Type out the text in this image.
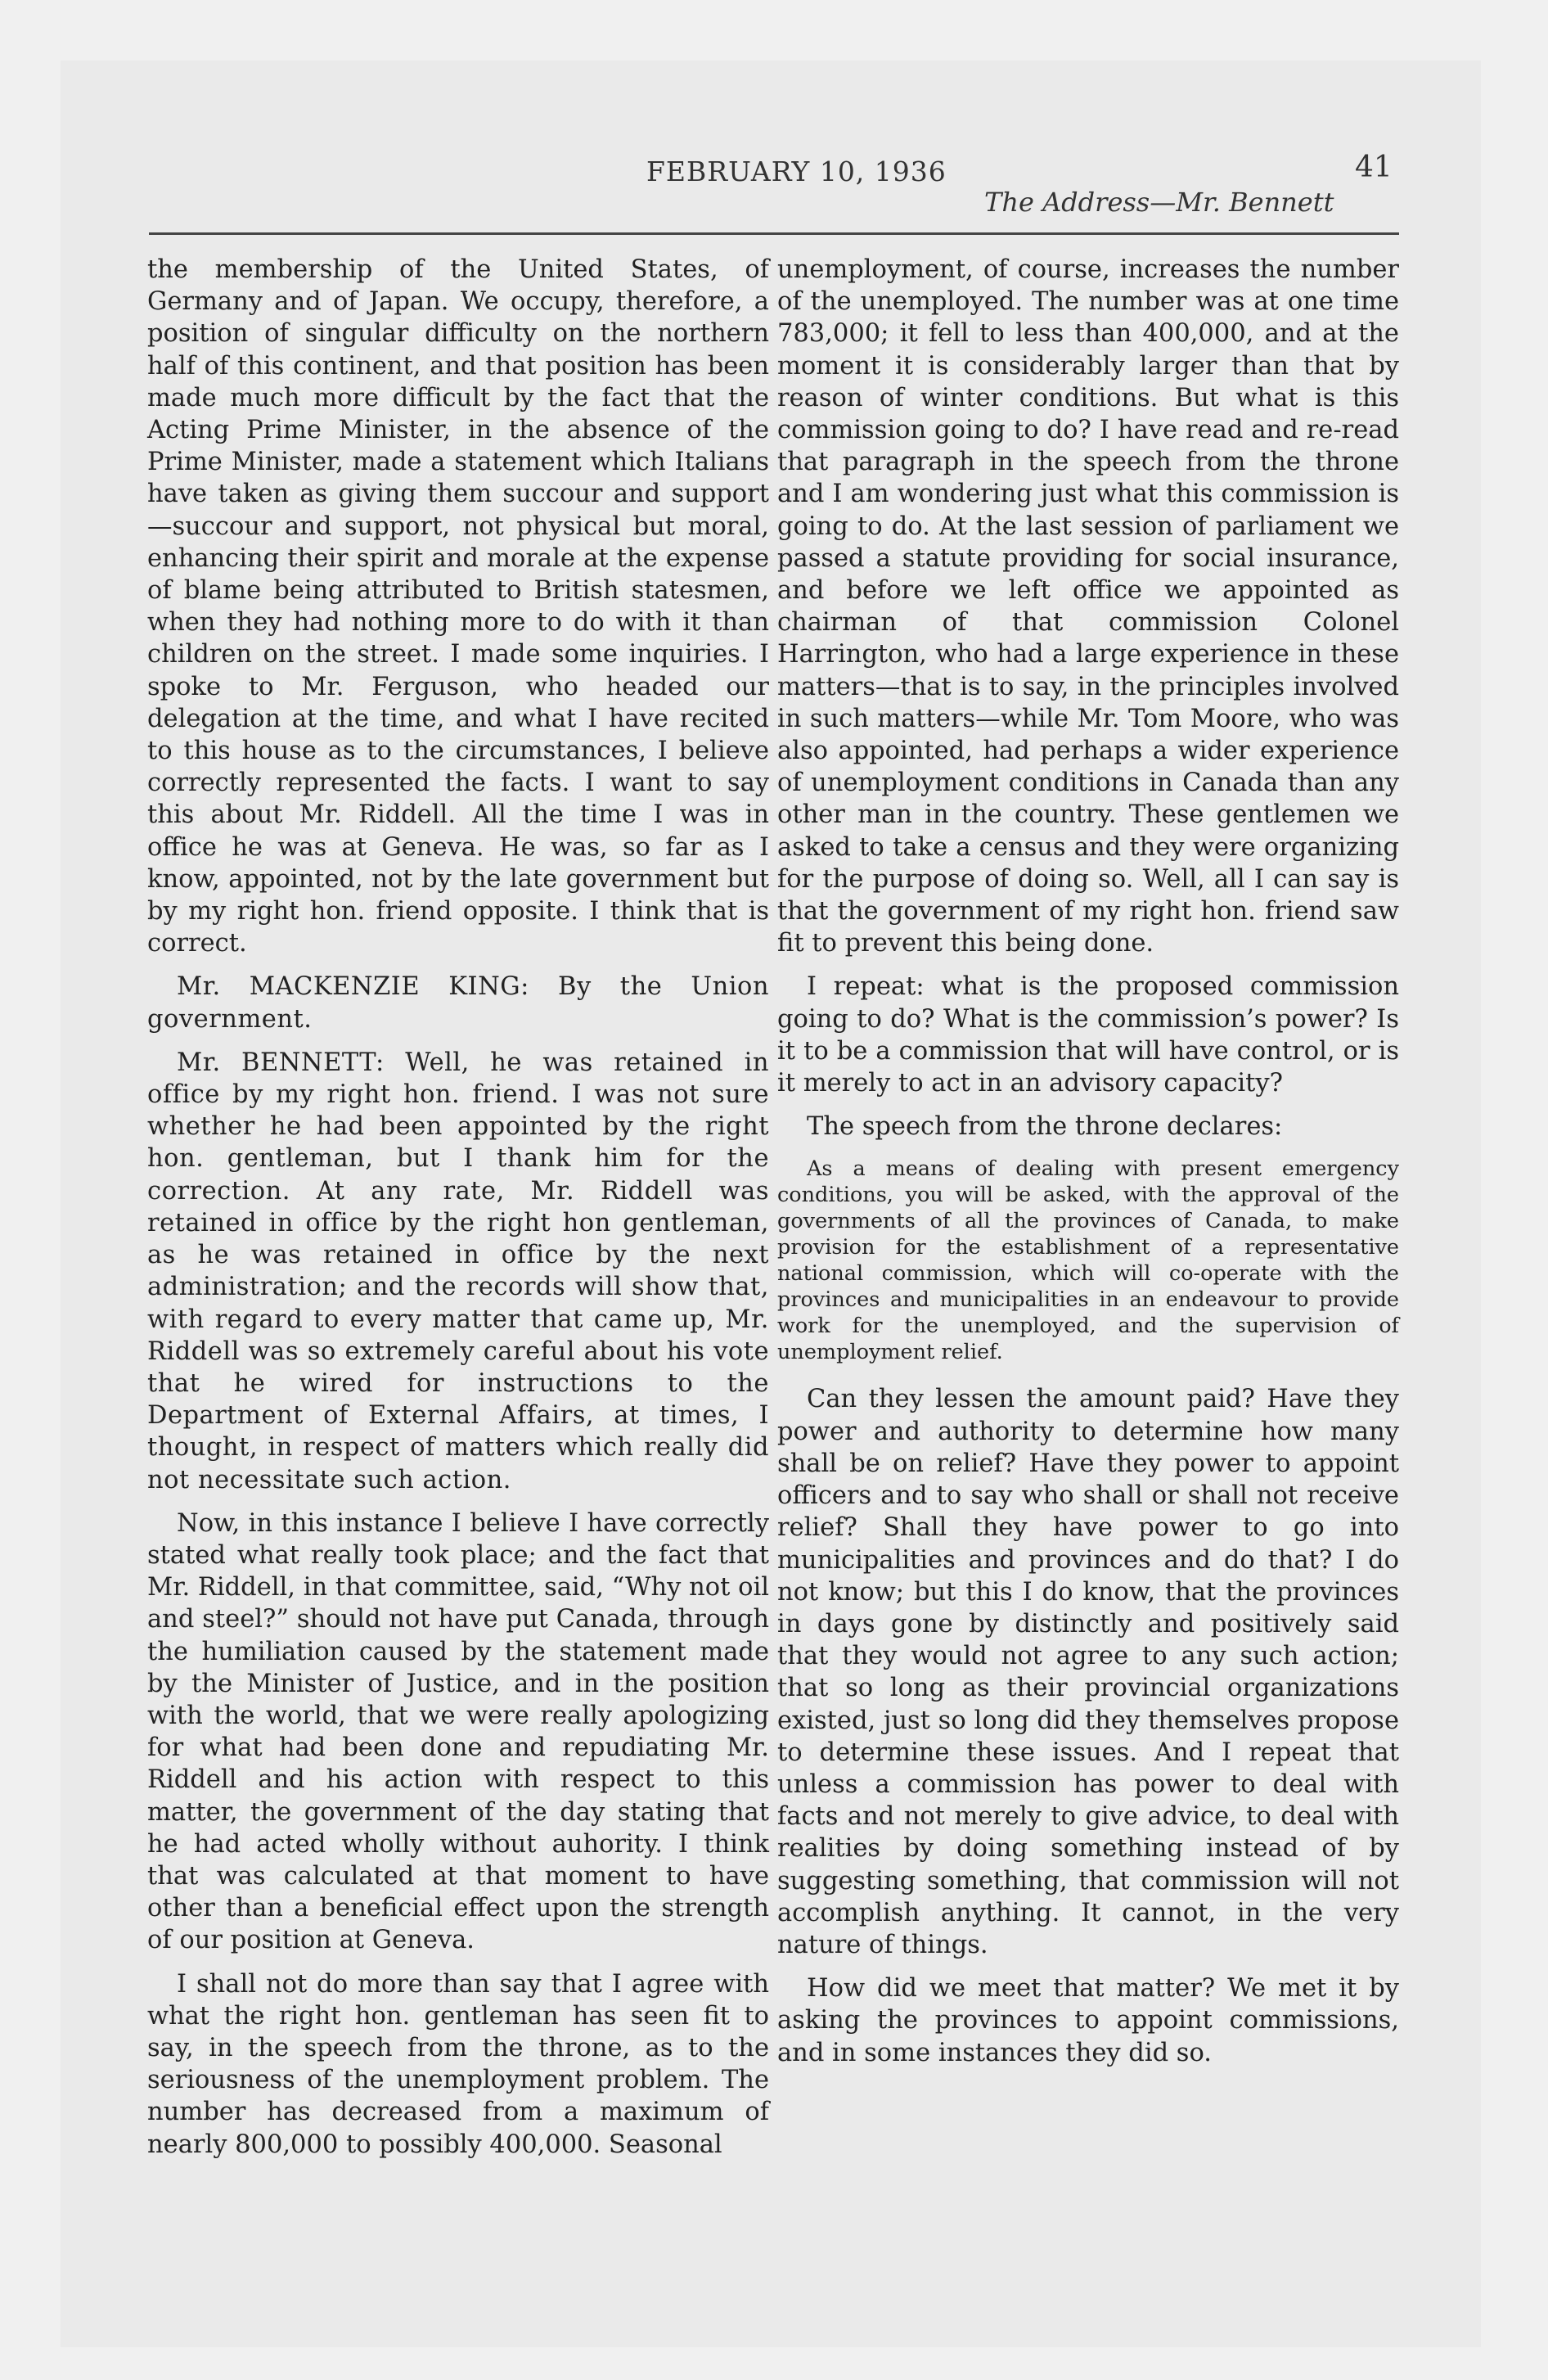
FEBRUARY 10, 1936	41
The Address—Mr. Bennett

the membership of the United States, of Germany and of Japan. We occupy, therefore, a position of singular difficulty on the northern half of this continent, and that position has been made much more difficult by the fact that the Acting Prime Minister, in the absence of the Prime Minister, made a statement which Italians have taken as giving them succour and support—succour and support, not physical but moral, enhancing their spirit and morale at the expense of blame being attributed to British statesmen, when they had nothing more to do with it than children on the street. I made some inquiries. I spoke to Mr. Ferguson, who headed our delegation at the time, and what I have recited to this house as to the circumstances, I believe correctly represented the facts. I want to say this about Mr. Riddell. All the time I was in office he was at Geneva. He was, so far as I know, appointed, not by the late government but by my right hon. friend opposite. I think that is correct.

Mr. MACKENZIE KING: By the Union government.

Mr. BENNETT: Well, he was retained in office by my right hon. friend. I was not sure whether he had been appointed by the right hon. gentleman, but I thank him for the correction. At any rate, Mr. Riddell was retained in office by the right hon gentleman, as he was retained in office by the next administration; and the records will show that, with regard to every matter that came up, Mr. Riddell was so extremely careful about his vote that he wired for instructions to the Department of External Affairs, at times, I thought, in respect of matters which really did not necessitate such action.

Now, in this instance I believe I have correctly stated what really took place; and the fact that Mr. Riddell, in that committee, said, “Why not oil and steel?” should not have put Canada, through the humiliation caused by the statement made by the Minister of Justice, and in the position with the world, that we were really apologizing for what had been done and repudiating Mr. Riddell and his action with respect to this matter, the government of the day stating that he had acted wholly without auhority. I think that was calculated at that moment to have other than a beneficial effect upon the strength of our position at Geneva.

I shall not do more than say that I agree with what the right hon. gentleman has seen fit to say, in the speech from the throne, as to the seriousness of the unemployment problem. The number has decreased from a maximum of nearly 800,000 to possibly 400,000. Seasonal

unemployment, of course, increases the number of the unemployed. The number was at one time 783,000; it fell to less than 400,000, and at the moment it is considerably larger than that by reason of winter conditions. But what is this commission going to do? I have read and re-read that paragraph in the speech from the throne and I am wondering just what this commission is going to do. At the last session of parliament we passed a statute providing for social insurance, and before we left office we appointed as chairman of that commission Colonel Harrington, who had a large experience in these matters—that is to say, in the principles involved in such matters—while Mr. Tom Moore, who was also appointed, had perhaps a wider experience of unemployment conditions in Canada than any other man in the country. These gentlemen we asked to take a census and they were organizing for the purpose of doing so. Well, all I can say is that the government of my right hon. friend saw fit to prevent this being done.

I repeat: what is the proposed commission going to do? What is the commission’s power? Is it to be a commission that will have control, or is it merely to act in an advisory capacity?

The speech from the throne declares:

As a means of dealing with present emergency conditions, you will be asked, with the approval of the governments of all the provinces of Canada, to make provision for the establishment of a representative national commission, which will co-operate with the provinces and municipalities in an endeavour to provide work for the unemployed, and the supervision of unemployment relief.

Can they lessen the amount paid? Have they power and authority to determine how many shall be on relief? Have they power to appoint officers and to say who shall or shall not receive relief? Shall they have power to go into municipalities and provinces and do that? I do not know; but this I do know, that the provinces in days gone by distinctly and positively said that they would not agree to any such action; that so long as their provincial organizations existed, just so long did they themselves propose to determine these issues. And I repeat that unless a commission has power to deal with facts and not merely to give advice, to deal with realities by doing something instead of by suggesting something, that commission will not accomplish anything. It cannot, in the very nature of things.

How did we meet that matter? We met it by asking the provinces to appoint commissions, and in some instances they did so.
